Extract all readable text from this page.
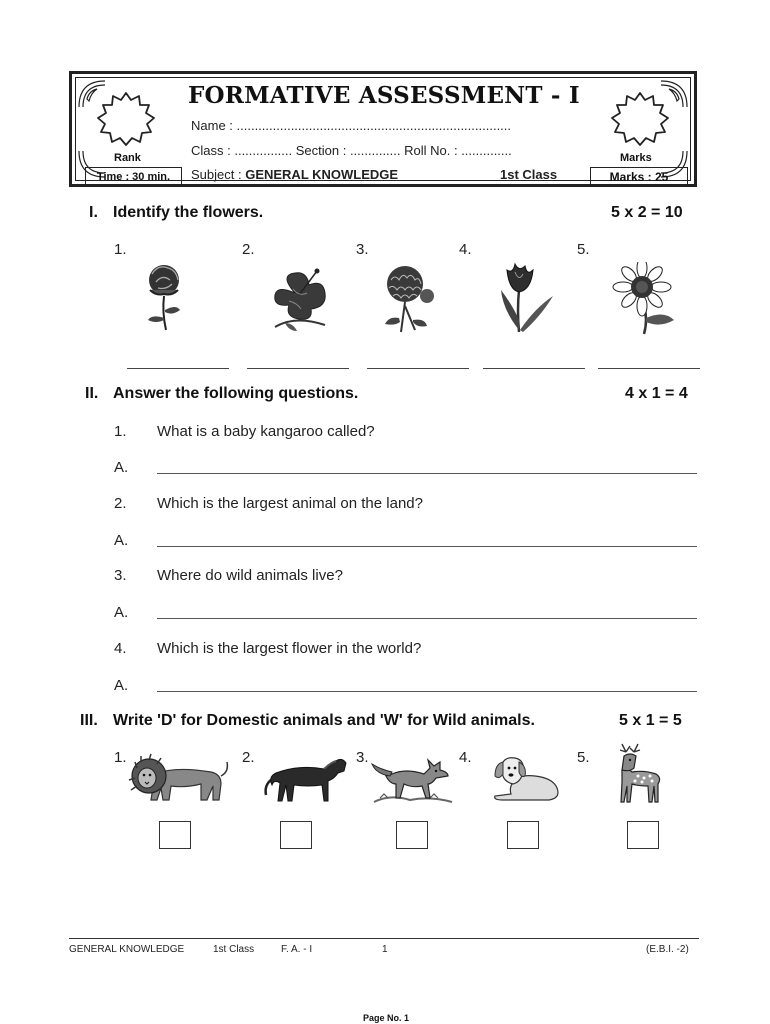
FORMATIVE ASSESSMENT - I
Name : ............................................................................
Class : ................ Section : .............. Roll No. : ..............
Subject : GENERAL KNOWLEDGE	1st Class
Rank
Time : 30 min.
Marks
Marks : 25
I. Identify the flowers.	5 x 2 = 10
1.	2.	3.	4.	5.
II. Answer the following questions.	4 x 1 = 4
1. What is a baby kangaroo called?
A.
2. Which is the largest animal on the land?
A.
3. Where do wild animals live?
A.
4. Which is the largest flower in the world?
A.
III. Write 'D' for Domestic animals and 'W' for Wild animals.	5 x 1 = 5
1.	2.	3.	4.	5.
GENERAL KNOWLEDGE	1st Class	F. A. - I	1	(E.B.I. -2)
Page No. 1
